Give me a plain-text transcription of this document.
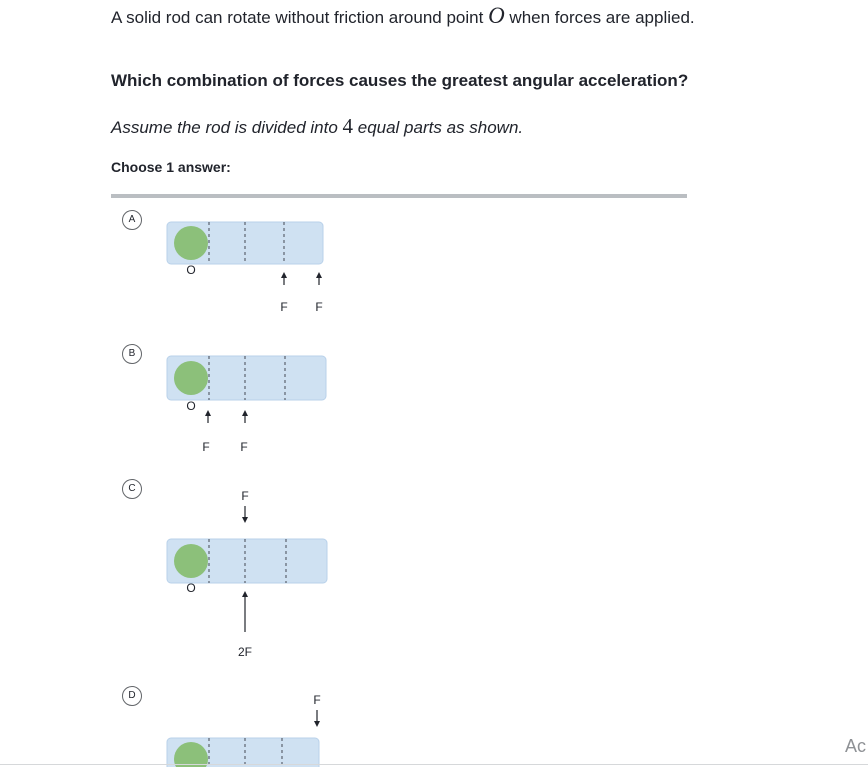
A solid rod can rotate without friction around point O when forces are applied.
Which combination of forces causes the greatest angular acceleration?
Assume the rod is divided into 4 equal parts as shown.
Choose 1 answer:
A
O
F F
B
O
F	F
C
F
O
2F
D	F
Ac
